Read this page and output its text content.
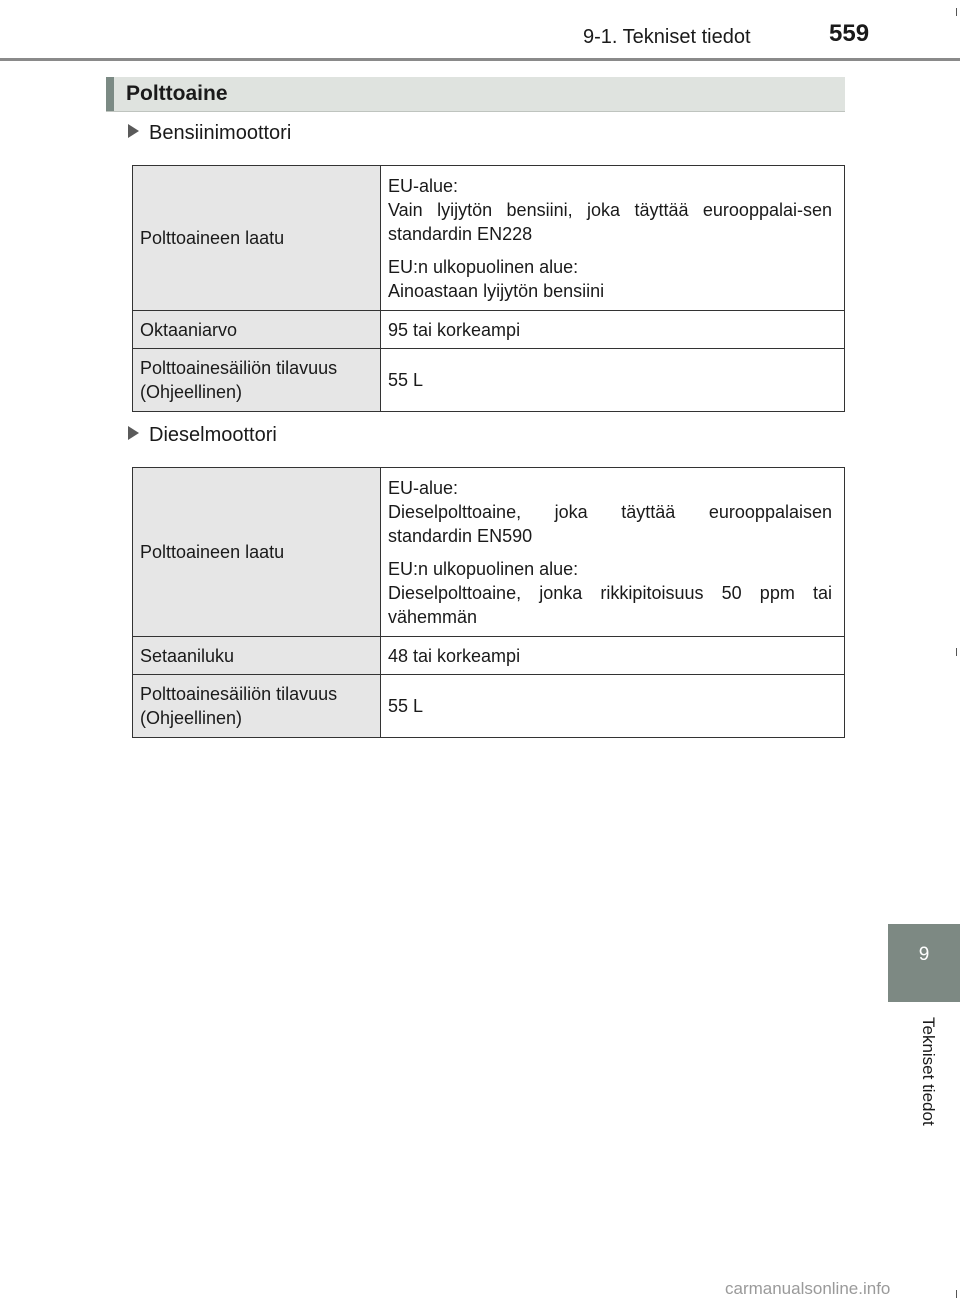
9-1. Tekniset tiedot	559
Polttoaine
Bensiinimoottori
Polttoaineen laatu	EU-alue:
Vain lyijytön bensiini, joka täyttää eurooppalai-sen standardin EN228

EU:n ulkopuolinen alue:
Ainoastaan lyijytön bensiini

Oktaaniarvo	95 tai korkeampi
Polttoainesäiliön tilavuus
(Ohjeellinen)	55 L
Dieselmoottori
Polttoaineen laatu	EU-alue:
Dieselpolttoaine, joka täyttää eurooppalaisen standardin EN590

EU:n ulkopuolinen alue:
Dieselpolttoaine, jonka rikkipitoisuus 50 ppm tai vähemmän

Setaaniluku	48 tai korkeampi
Polttoainesäiliön tilavuus
(Ohjeellinen)	55 L
9
Tekniset tiedot
carmanualsonline.info
